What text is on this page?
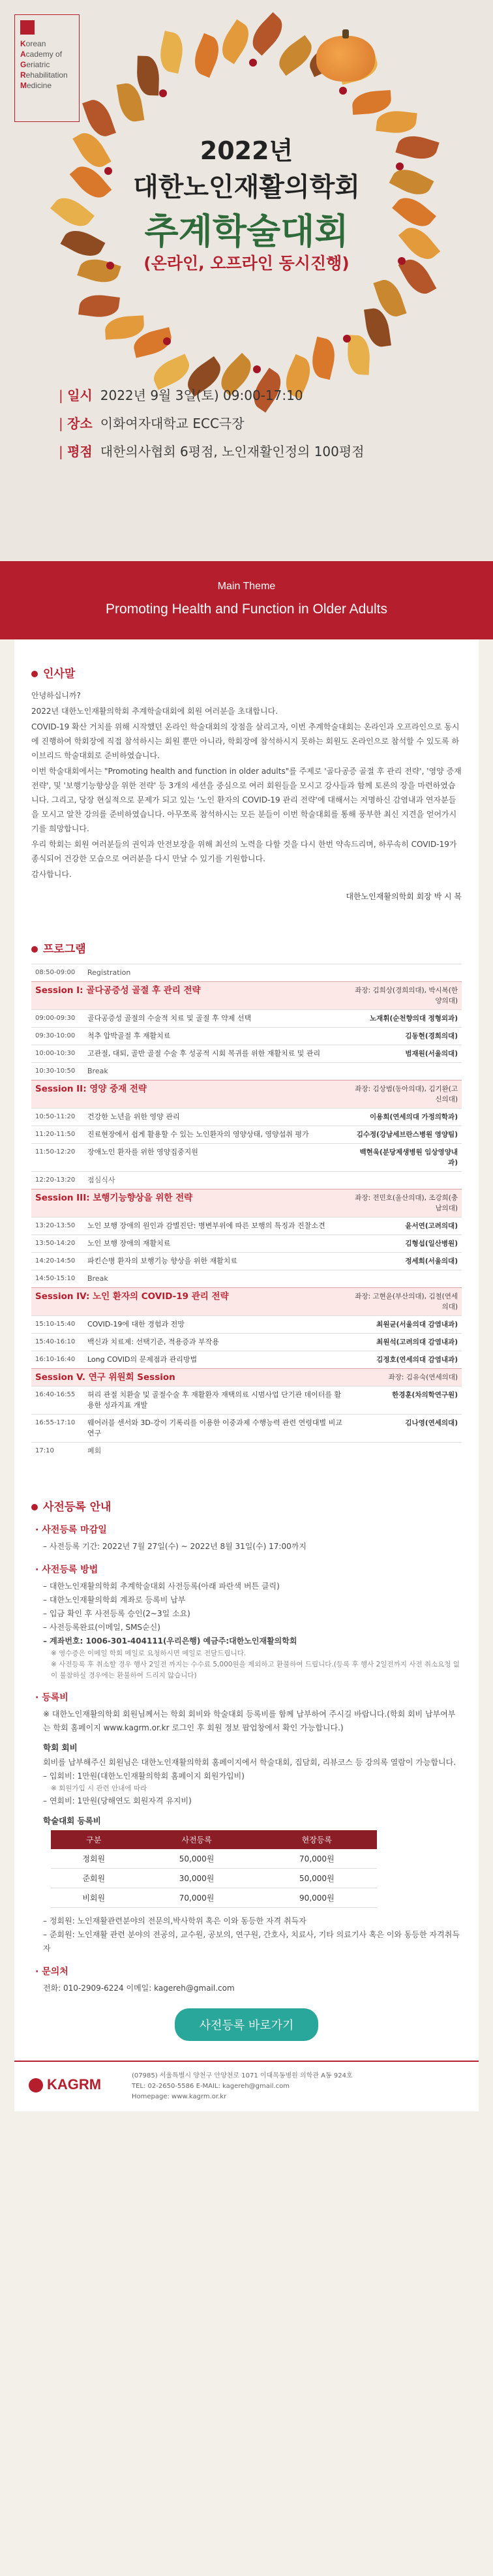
Korean
Academy of
Geriatric
Rehabilitation
Medicine
2022년
대한노인재활의학회
추계학술대회
(온라인, 오프라인 동시진행)
| 일시 2022년 9월 3일(토) 09:00-17:10
| 장소 이화여자대학교 ECC극장
| 평점 대한의사협회 6평점, 노인재활인정의 100평점
Main Theme
Promoting Health and Function in Older Adults
인사말

안녕하십니까?

2022년 대한노인재활의학회 추계학술대회에 회원 여러분을 초대합니다.

COVID-19 확산 거치를 위해 시작했던 온라인 학술대회의 장점을 살리고자, 이번 추계학술대회는 온라인과 오프라인으로 동시에 진행하여 학회장에 직접 참석하시는 회원 뿐만 아니라, 학회장에 참석하시지 못하는 회원도 온라인으로 참석할 수 있도록 하이브리드 학술대회로 준비하였습니다.

이번 학술대회에서는 "Promoting health and function in older adults"를 주제로 '골다공증 골절 후 관리 전략', '영양 증재 전략', 및 '보행기능향상을 위한 전략' 등 3개의 세션을 중심으로 여러 회원들을 모시고 강사들과 함께 토론의 장을 마련하였습니다. 그리고, 당장 현실적으로 문제가 되고 있는 '노인 환자의 COVID-19 관리 전략'에 대해서는 저명하신 감염내과 연자분들을 모시고 알찬 강의를 준비하였습니다. 아무쪼록 참석하시는 모든 분들이 이번 학술대회를 통해 풍부한 최신 지견을 얻어가시기를 희망합니다.

우리 학회는 회원 여러분들의 권익과 안전보장을 위해 최선의 노력을 다할 것을 다시 한번 약속드리며, 하루속히 COVID-19가 종식되어 건강한 모습으로 여러분을 다시 만날 수 있기를 기원합니다.

감사합니다.

대한노인재활의학회 회장 박 시 복
프로그램
08:50-09:00	Registration	
Session I: 골다공증성 골절 후 관리 전략		좌장: 김희상(경희의대), 박시복(한양의대)
09:00-09:30	골다공증성 골절의 수술적 치료 및 골절 후 약제 선택	노재휘(순천향의대 정형외과)
09:30-10:00	척추 압박골절 후 재활치료	김동현(경희의대)
10:00-10:30	고관절, 대퇴, 골반 골절 수술 후 성공적 시회 복귀를 위한 재활치료 및 관리	범재원(서울의대)
10:30-10:50	Break	
Session II: 영양 중재 전략		좌장: 김상범(동아의대), 김기완(고신의대)
10:50-11:20	건강한 노년을 위한 영양 관리	이용희(연세의대 가정의학과)
11:20-11:50	진료현장에서 쉽게 활용할 수 있는 노인환자의 영양상태, 영양섭취 평가	김수정(강남세브란스병원 영양팀)
11:50-12:20	장애노인 환자를 위한 영양집중지원	백현욱(분당제생병원 임상영양내과)
12:20-13:20	점심식사	
Session III: 보행기능향상을 위한 전략		좌장: 전민호(울산의대), 조강희(충남의대)
13:20-13:50	노인 보행 장애의 원인과 감별진단: 병변부위에 따른 보행의 특징과 진찰소견	윤서연(고려의대)
13:50-14:20	노인 보행 장애의 재활치료	김형섭(일산병원)
14:20-14:50	파킨슨병 환자의 보행기능 향상을 위한 재활치료	정세희(서울의대)
14:50-15:10	Break	
Session IV: 노인 환자의 COVID-19 관리 전략		좌장: 고현윤(부산의대), 김철(연세의대)
15:10-15:40	COVID-19에 대한 경험과 전망	최원균(서울의대 감염내과)
15:40-16:10	백신과 치료제: 선택기준, 적용증과 부작용	최원석(고려의대 감염내과)
16:10-16:40	Long COVID의 문제점과 관리방법	김정호(연세의대 감염내과)
Session V. 연구 위원회 Session		좌장: 김유숙(연세의대)
16:40-16:55	허리 관절 치환술 및 골절수술 후 재활환자 재택의료 시범사업 단기관 데이터를 활용한 성과지표 개발	한경훈(차의학연구원)
16:55-17:10	웨어러블 센서와 3D-강이 기록리를 이용한 이중과제 수행능력 관련 연령대별 비교연구	김나영(연세의대)
17:10	폐회	
사전등록 안내
· 사전등록 마감일
– 사전등록 기간: 2022년 7월 27일(수) ~ 2022년 8월 31일(수) 17:00까지
· 사전등록 방법
– 대한노인재활의학회 추계학술대회 사전등록(아래 파란색 버튼 클릭)
– 대한노인재활의학회 계좌로 등록비 납부
– 입금 확인 후 사전등록 승인(2~3일 소요)
– 사전등록완료(이메일, SMS순신)
– 계좌번호: 1006-301-404111(우리은행) 예금주:대한노인재활의학회
※ 영수증은 이메일 학회 메일로 요청하시면 메일로 전달드립니다.
※ 사전등록 후 취소할 경우 행사 2일전 까지는 수수료 5,000원을 제외하고 환불하여 드립니다.(등록 후 행사 2일전까지 사전 취소요청 없이 불참하실 경우에는 환불하여 드리지 않습니다)
· 등록비
※ 대한노인재활의학회 회원님께서는 학회 회비와 학술대회 등록비를 함께 납부하여 주시길 바랍니다.(학회 회비 납부여부는 학회 홈페이지 www.kagrm.or.kr 로그인 후 회원 정보 팝업창에서 확인 가능합니다.)
학회 회비
회비를 납부해주신 회원님은 대한노인재활의학회 홈페이지에서 학술대회, 집담회, 리뷰코스 등 강의록 열람이 가능합니다.
– 입회비: 1만원(대한노인재활의학회 홈페이지 회원가입비)
※ 회원가입 시 관련 안내에 따라
– 연회비: 1만원(당해연도 회원자격 유지비)
학술대회 등록비
구분	사전등록	현장등록
정회원	50,000원	70,000원
준회원	30,000원	50,000원
비회원	70,000원	90,000원
– 정회원: 노인재활관련분야의 전문의,박사학위 혹은 이와 동등한 자격 취득자
– 준회원: 노인재활 관련 분야의 전공의, 교수원, 공보의, 연구원, 간호사, 치료사, 기타 의료기사 혹은 이와 동등한 자격취득자
· 문의처
전화: 010-2909-6224 이메일: kagereh@gmail.com
사전등록 바로가기
KAGRM
(07985) 서울특별시 양천구 안양천로 1071 이대목동병원 의학관 A동 924호
TEL: 02-2650-5586 E-MAIL: kagereh@gmail.com
Homepage: www.kagrm.or.kr
